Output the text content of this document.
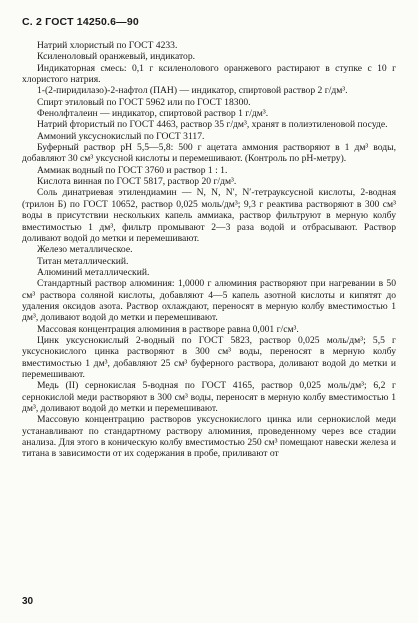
С. 2 ГОСТ 14250.6—90

Натрий хлористый по ГОСТ 4233.

Ксиленоловый оранжевый, индикатор.

Индикаторная смесь: 0,1 г ксиленолового оранжевого растирают в ступке с 10 г хлористого натрия.

1-(2-пиридилазо)-2-нафтол (ПАН) — индикатор, спиртовой раствор 2 г/дм³.

Спирт этиловый по ГОСТ 5962 или по ГОСТ 18300.

Фенолфталеин — индикатор, спиртовой раствор 1 г/дм³.

Натрий фтористый по ГОСТ 4463, раствор 35 г/дм³, хранят в полиэтиленовой посуде.

Аммоний уксуснокислый по ГОСТ 3117.

Буферный раствор рН 5,5—5,8: 500 г ацетата аммония растворяют в 1 дм³ воды, добавляют 30 см³ уксусной кислоты и перемешивают. (Контроль по рН-метру).

Аммиак водный по ГОСТ 3760 и раствор 1 : 1.

Кислота винная по ГОСТ 5817, раствор 20 г/дм³.

Соль динатриевая этилендиамин — N, N, N′, N′-тетрауксусной кислоты, 2-водная (трилон Б) по ГОСТ 10652, раствор 0,025 моль/дм³; 9,3 г реактива растворяют в 300 см³ воды в присутствии нескольких капель аммиака, раствор фильтруют в мерную колбу вместимостью 1 дм³, фильтр промывают 2—3 раза водой и отбрасывают. Раствор доливают водой до метки и перемешивают.

Железо металлическое.

Титан металлический.

Алюминий металлический.

Стандартный раствор алюминия: 1,0000 г алюминия растворяют при нагревании в 50 см³ раствора соляной кислоты, добавляют 4—5 капель азотной кислоты и кипятят до удаления оксидов азота. Раствор охлаждают, переносят в мерную колбу вместимостью 1 дм³, доливают водой до метки и перемешивают.

Массовая концентрация алюминия в растворе равна 0,001 г/см³.

Цинк уксуснокислый 2-водный по ГОСТ 5823, раствор 0,025 моль/дм³; 5,5 г уксуснокислого цинка растворяют в 300 см³ воды, переносят в мерную колбу вместимостью 1 дм³, добавляют 25 см³ буферного раствора, доливают водой до метки и перемешивают.

Медь (II) сернокислая 5-водная по ГОСТ 4165, раствор 0,025 моль/дм³; 6,2 г сернокислой меди растворяют в 300 см³ воды, переносят в мерную колбу вместимостью 1 дм³, доливают водой до метки и перемешивают.

Массовую концентрацию растворов уксуснокислого цинка или сернокислой меди устанавливают по стандартному раствору алюминия, проведенному через все стадии анализа. Для этого в коническую колбу вместимостью 250 см³ помещают навески железа и титана в зависимости от их содержания в пробе, приливают от

30
